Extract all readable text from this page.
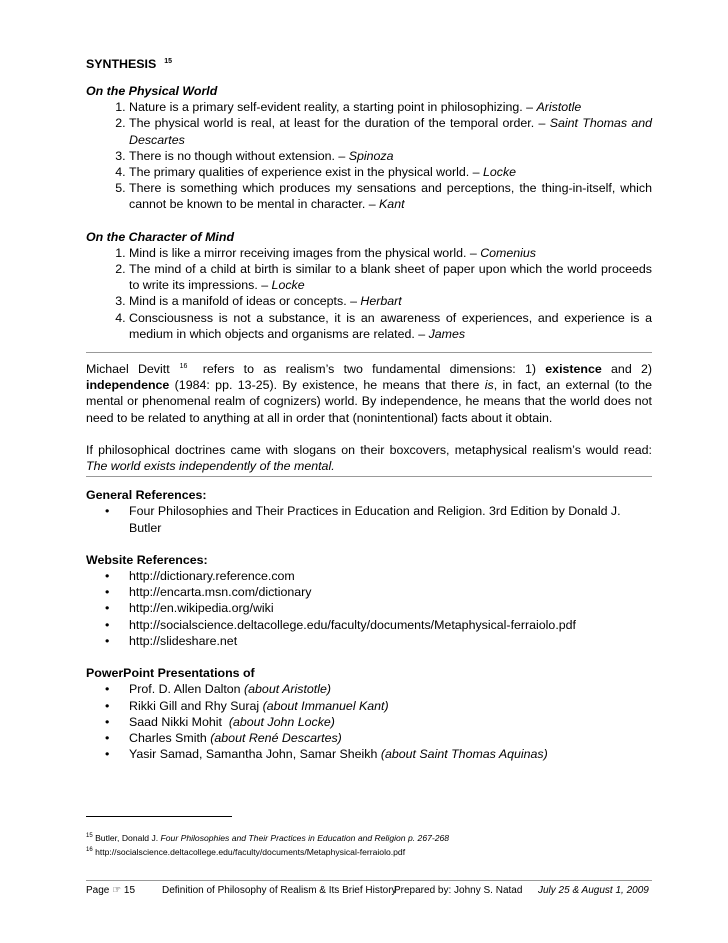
SYNTHESIS $^{15}$
On the Physical World
1. Nature is a primary self-evident reality, a starting point in philosophizing. – Aristotle
2. The physical world is real, at least for the duration of the temporal order. – Saint Thomas and Descartes
3. There is no though without extension. – Spinoza
4. The primary qualities of experience exist in the physical world. – Locke
5. There is something which produces my sensations and perceptions, the thing-in-itself, which cannot be known to be mental in character. – Kant
On the Character of Mind
1. Mind is like a mirror receiving images from the physical world. – Comenius
2. The mind of a child at birth is similar to a blank sheet of paper upon which the world proceeds to write its impressions. – Locke
3. Mind is a manifold of ideas or concepts. – Herbart
4. Consciousness is not a substance, it is an awareness of experiences, and experience is a medium in which objects and organisms are related. – James

Michael Devitt $^{16}$ refers to as realism’s two fundamental dimensions: 1) existence and 2) independence (1984: pp. 13-25). By existence, he means that there is, in fact, an external (to the mental or phenomenal realm of cognizers) world. By independence, he means that the world does not need to be related to anything at all in order that (nonintentional) facts about it obtain.

If philosophical doctrines came with slogans on their boxcovers, metaphysical realism’s would read: The world exists independently of the mental.

General References:
• Four Philosophies and Their Practices in Education and Religion. 3rd Edition by Donald J. Butler
Website References:
• http://dictionary.reference.com
• http://encarta.msn.com/dictionary
• http://en.wikipedia.org/wiki
• http://socialscience.deltacollege.edu/faculty/documents/Metaphysical-ferraiolo.pdf
• http://slideshare.net
PowerPoint Presentations of
• Prof. D. Allen Dalton (about Aristotle)
• Rikki Gill and Rhy Suraj (about Immanuel Kant)
• Saad Nikki Mohit  (about John Locke)
• Charles Smith (about René Descartes)
• Yasir Samad, Samantha John, Samar Sheikh (about Saint Thomas Aquinas)
$^{15}$ Butler, Donald J. Four Philosophies and Their Practices in Education and Religion p. 267-268
$^{16}$ http://socialscience.deltacollege.edu/faculty/documents/Metaphysical-ferraiolo.pdf
Page ☞ 15	Definition of Philosophy of Realism & Its Brief HistoryPrepared by: Johny S. Natad July 25 & August 1, 2009
